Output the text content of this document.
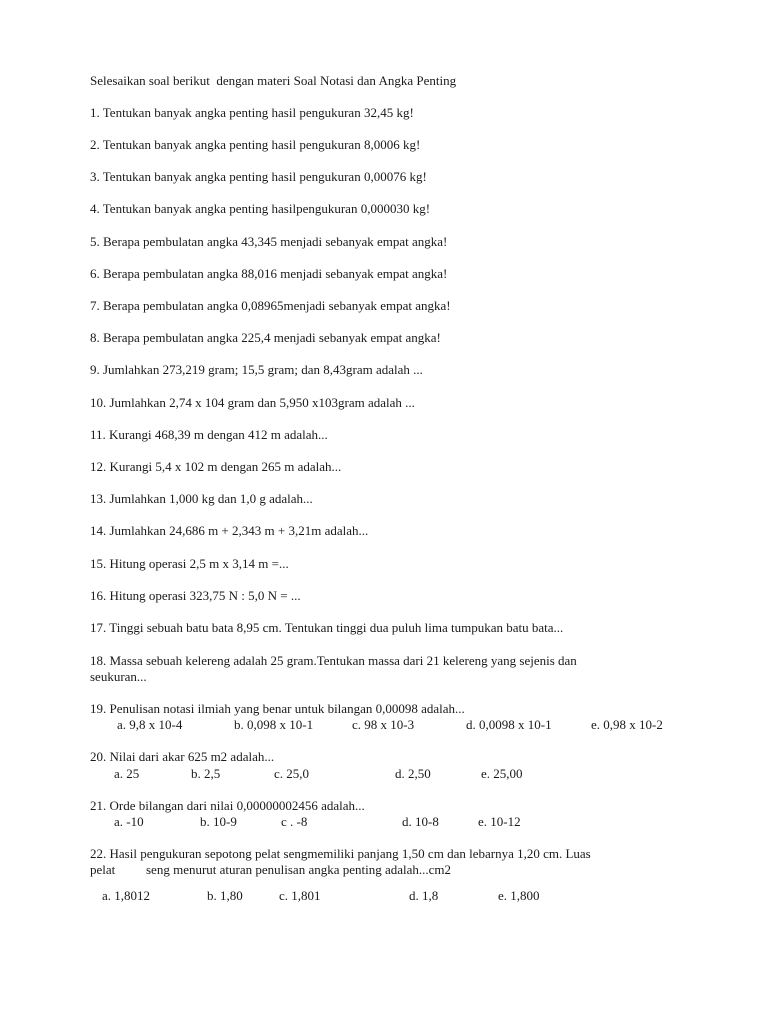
Selesaikan soal berikut  dengan materi Soal Notasi dan Angka Penting
1. Tentukan banyak angka penting hasil pengukuran 32,45 kg!
2. Tentukan banyak angka penting hasil pengukuran 8,0006 kg!
3. Tentukan banyak angka penting hasil pengukuran 0,00076 kg!
4. Tentukan banyak angka penting hasilpengukuran 0,000030 kg!
5. Berapa pembulatan angka 43,345 menjadi sebanyak empat angka!
6. Berapa pembulatan angka 88,016 menjadi sebanyak empat angka!
7. Berapa pembulatan angka 0,08965menjadi sebanyak empat angka!
8. Berapa pembulatan angka 225,4 menjadi sebanyak empat angka!
9. Jumlahkan 273,219 gram; 15,5 gram; dan 8,43gram adalah ...
10. Jumlahkan 2,74 x 104 gram dan 5,950 x103gram adalah ...
11. Kurangi 468,39 m dengan 412 m adalah...
12. Kurangi 5,4 x 102 m dengan 265 m adalah...
13. Jumlahkan 1,000 kg dan 1,0 g adalah...
14. Jumlahkan 24,686 m + 2,343 m + 3,21m adalah...
15. Hitung operasi 2,5 m x 3,14 m =...
16. Hitung operasi 323,75 N : 5,0 N = ...
17. Tinggi sebuah batu bata 8,95 cm. Tentukan tinggi dua puluh lima tumpukan batu bata...
18. Massa sebuah kelereng adalah 25 gram.Tentukan massa dari 21 kelereng yang sejenis dan
seukuran...
19. Penulisan notasi ilmiah yang benar untuk bilangan 0,00098 adalah...
a. 9,8 x 10-4	b. 0,098 x 10-1	c. 98 x 10-3	d. 0,0098 x 10-1	e. 0,98 x 10-2
20. Nilai dari akar 625 m2 adalah...
a. 25	b. 2,5	c. 25,0	d. 2,50	e. 25,00
21. Orde bilangan dari nilai 0,00000002456 adalah...
a. -10	b. 10-9	c . -8	d. 10-8	e. 10-12
22. Hasil pengukuran sepotong pelat sengmemiliki panjang 1,50 cm dan lebarnya 1,20 cm. Luas
pelat seng menurut aturan penulisan angka penting adalah...cm2
a. 1,8012	b. 1,80	c. 1,801	d. 1,8	e. 1,800
